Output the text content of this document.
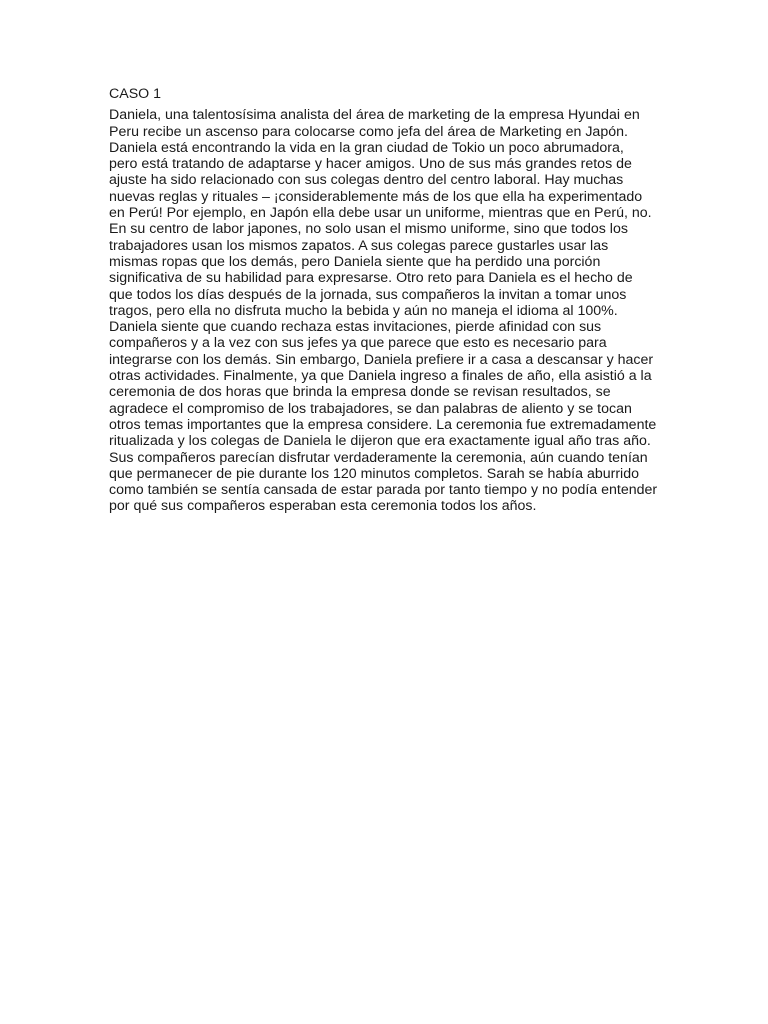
CASO 1
Daniela, una talentosísima analista del área de marketing de la empresa Hyundai en
Peru recibe un ascenso para colocarse como jefa del área de Marketing en Japón.
Daniela está encontrando la vida en la gran ciudad de Tokio un poco abrumadora,
pero está tratando de adaptarse y hacer amigos. Uno de sus más grandes retos de
ajuste ha sido relacionado con sus colegas dentro del centro laboral. Hay muchas
nuevas reglas y rituales – ¡considerablemente más de los que ella ha experimentado
en Perú! Por ejemplo, en Japón ella debe usar un uniforme, mientras que en Perú, no.
En su centro de labor japones, no solo usan el mismo uniforme, sino que todos los
trabajadores usan los mismos zapatos. A sus colegas parece gustarles usar las
mismas ropas que los demás, pero Daniela siente que ha perdido una porción
significativa de su habilidad para expresarse. Otro reto para Daniela es el hecho de
que todos los días después de la jornada, sus compañeros la invitan a tomar unos
tragos, pero ella no disfruta mucho la bebida y aún no maneja el idioma al 100%.
Daniela siente que cuando rechaza estas invitaciones, pierde afinidad con sus
compañeros y a la vez con sus jefes ya que parece que esto es necesario para
integrarse con los demás. Sin embargo, Daniela prefiere ir a casa a descansar y hacer
otras actividades. Finalmente, ya que Daniela ingreso a finales de año, ella asistió a la
ceremonia de dos horas que brinda la empresa donde se revisan resultados, se
agradece el compromiso de los trabajadores, se dan palabras de aliento y se tocan
otros temas importantes que la empresa considere. La ceremonia fue extremadamente
ritualizada y los colegas de Daniela le dijeron que era exactamente igual año tras año.
Sus compañeros parecían disfrutar verdaderamente la ceremonia, aún cuando tenían
que permanecer de pie durante los 120 minutos completos. Sarah se había aburrido
como también se sentía cansada de estar parada por tanto tiempo y no podía entender
por qué sus compañeros esperaban esta ceremonia todos los años.
